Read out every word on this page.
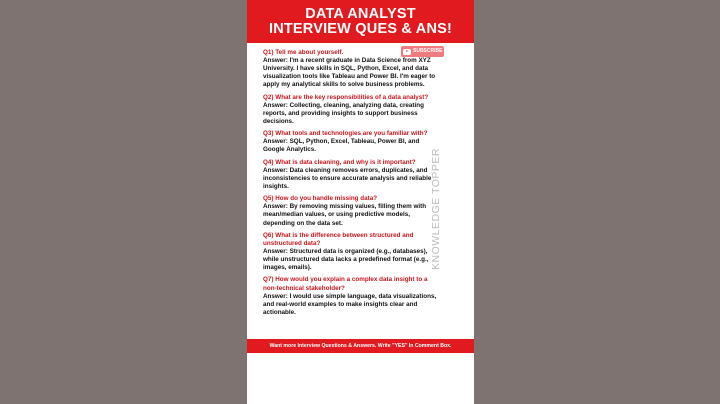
DATA ANALYST
INTERVIEW QUES & ANS!
SUBSCRIBE
Q1) Tell me about yourself.
Answer: I'm a recent graduate in Data Science from XYZ
University. I have skills in SQL, Python, Excel, and data
visualization tools like Tableau and Power BI. I'm eager to
apply my analytical skills to solve business problems.
Q2) What are the key responsibilities of a data analyst?
Answer: Collecting, cleaning, analyzing data, creating
reports, and providing insights to support business
decisions.
Q3) What tools and technologies are you familiar with?
Answer: SQL, Python, Excel, Tableau, Power BI, and
Google Analytics.
Q4) What is data cleaning, and why is it important?
Answer: Data cleaning removes errors, duplicates, and
inconsistencies to ensure accurate analysis and reliable
insights.
Q5) How do you handle missing data?
Answer: By removing missing values, filling them with
mean/median values, or using predictive models,
depending on the data set.
Q6) What is the difference between structured and
unstructured data?
Answer: Structured data is organized (e.g., databases),
while unstructured data lacks a predefined format (e.g.,
images, emails).
Q7) How would you explain a complex data insight to a
non-technical stakeholder?
Answer: I would use simple language, data visualizations,
and real-world examples to make insights clear and
actionable.
KNOWLEDGE TOPPER
Want more Interview Questions & Answers. Write "YES" In Comment Box.
